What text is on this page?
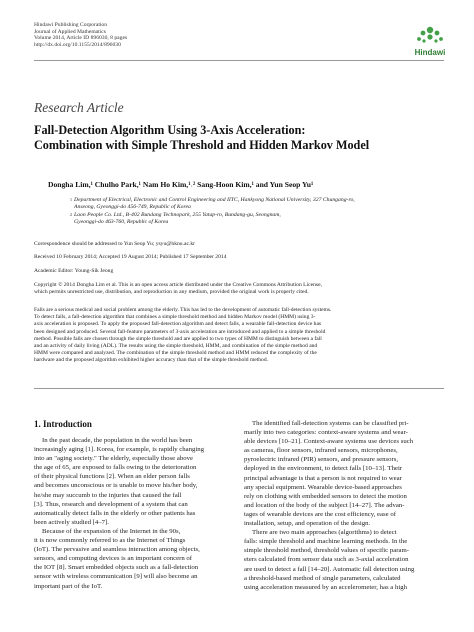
Hindawi Publishing Corporation
Journal of Applied Mathematics
Volume 2014, Article ID 896030, 8 pages
http://dx.doi.org/10.1155/2014/896030
Hindawi
Research Article
Fall-Detection Algorithm Using 3-Axis Acceleration:
Combination with Simple Threshold and Hidden Markov Model
Dongha Lim,¹ Chulho Park,¹ Nam Ho Kim,¹˒² Sang-Hoon Kim,¹ and Yun Seop Yu¹
1 Department of Electrical, Electronic and Control Engineering and IITC, Hankyong National University, 327 Chungang-ro,
Anseong, Gyeonggi-do 456-749, Republic of Korea
2 Laon People Co. Ltd., B-402 Bundang Technopark, 255 Yatap-ro, Bundang-gu, Seongnam,
Gyeonggi-do 463-760, Republic of Korea
Correspondence should be addressed to Yun Seop Yu; ysyu@hknu.ac.kr
Received 10 February 2014; Accepted 19 August 2014; Published 17 September 2014
Academic Editor: Young-Sik Jeong
Copyright © 2014 Dongha Lim et al. This is an open access article distributed under the Creative Commons Attribution License,
which permits unrestricted use, distribution, and reproduction in any medium, provided the original work is properly cited.
Falls are a serious medical and social problem among the elderly. This has led to the development of automatic fall-detection systems.
To detect falls, a fall-detection algorithm that combines a simple threshold method and hidden Markov model (HMM) using 3-
axis acceleration is proposed. To apply the proposed fall-detection algorithm and detect falls, a wearable fall-detection device has
been designed and produced. Several fall-feature parameters of 3-axis acceleration are introduced and applied to a simple threshold
method. Possible falls are chosen through the simple threshold and are applied to two types of HMM to distinguish between a fall
and an activity of daily living (ADL). The results using the simple threshold, HMM, and combination of the simple method and
HMM were compared and analyzed. The combination of the simple threshold method and HMM reduced the complexity of the
hardware and the proposed algorithm exhibited higher accuracy than that of the simple threshold method.
1. Introduction
In the past decade, the population in the world has been
increasingly aging [1]. Korea, for example, is rapidly changing
into an "aging society." The elderly, especially those above
the age of 65, are exposed to falls owing to the deterioration
of their physical functions [2]. When an elder person falls
and becomes unconscious or is unable to move his/her body,
he/she may succumb to the injuries that caused the fall
[3]. Thus, research and development of a system that can
automatically detect falls in the elderly or other patients has
been actively studied [4–7].
Because of the expansion of the Internet in the 90s,
it is now commonly referred to as the Internet of Things
(IoT). The pervasive and seamless interaction among objects,
sensors, and computing devices is an important concern of
the IOT [8]. Smart embedded objects such as a fall-detection
sensor with wireless communication [9] will also become an
important part of the IoT.
The identified fall-detection systems can be classified pri-
marily into two categories: context-aware systems and wear-
able devices [10–21]. Context-aware systems use devices such
as cameras, floor sensors, infrared sensors, microphones,
pyroelectric infrared (PIR) sensors, and pressure sensors,
deployed in the environment, to detect falls [10–13]. Their
principal advantage is that a person is not required to wear
any special equipment. Wearable device-based approaches
rely on clothing with embedded sensors to detect the motion
and location of the body of the subject [14–27]. The advan-
tages of wearable devices are the cost efficiency, ease of
installation, setup, and operation of the design.
There are two main approaches (algorithms) to detect
falls: simple threshold and machine learning methods. In the
simple threshold method, threshold values of specific param-
eters calculated from sensor data such as 3-axial acceleration
are used to detect a fall [14–20]. Automatic fall detection using
a threshold-based method of single parameters, calculated
using acceleration measured by an accelerometer, has a high
